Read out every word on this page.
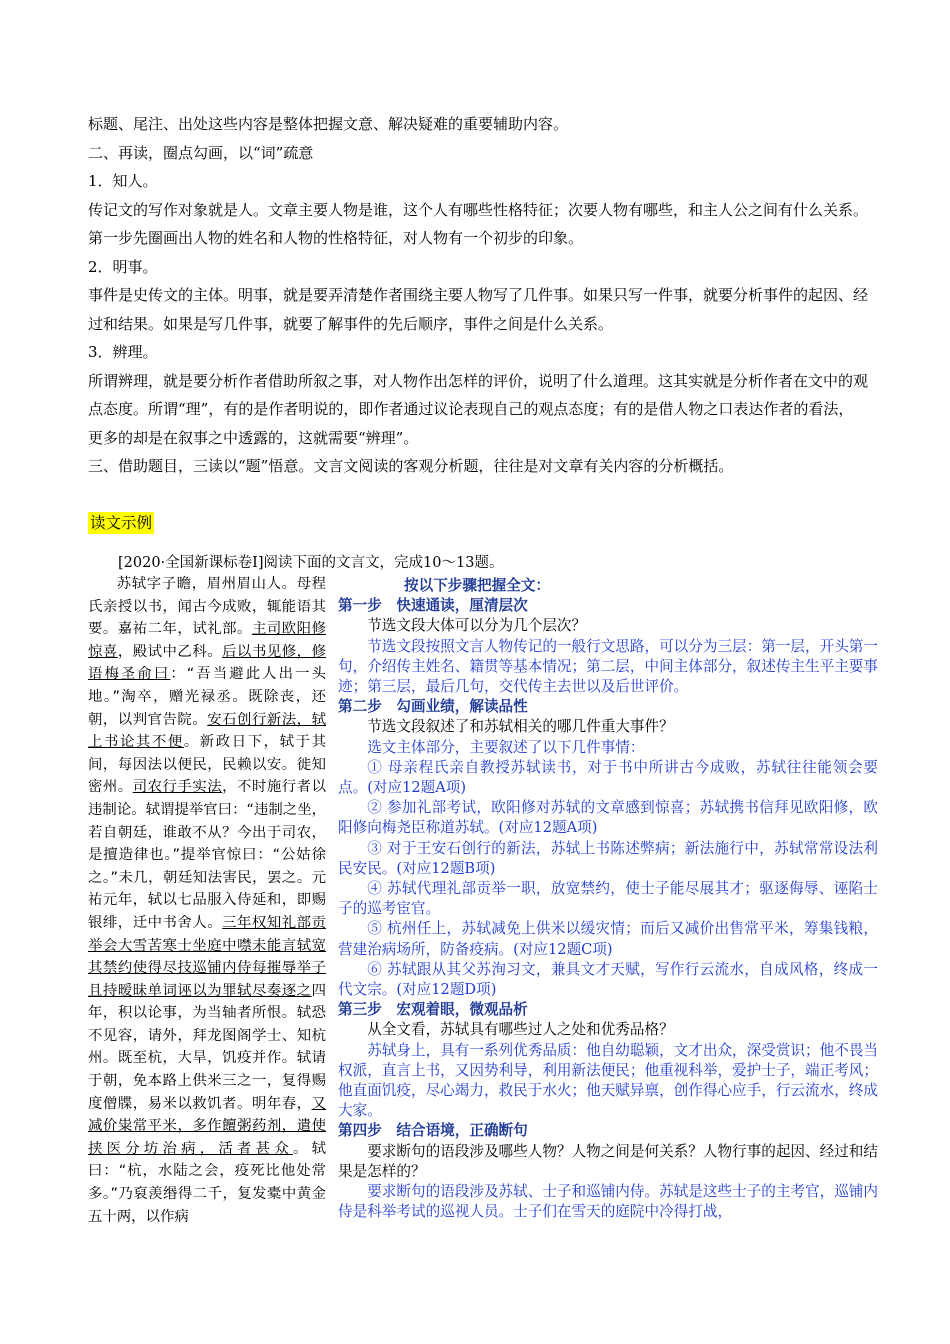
标题、尾注、出处这些内容是整体把握文意、解决疑难的重要辅助内容。

二、再读，圈点勾画，以“词”疏意

1．知人。

传记文的写作对象就是人。文章主要人物是谁，这个人有哪些性格特征；次要人物有哪些，和主人公之间有什么关系。第一步先圈画出人物的姓名和人物的性格特征，对人物有一个初步的印象。

2．明事。

事件是史传文的主体。明事，就是要弄清楚作者围绕主要人物写了几件事。如果只写一件事，就要分析事件的起因、经过和结果。如果是写几件事，就要了解事件的先后顺序，事件之间是什么关系。

3．辨理。

所谓辨理，就是要分析作者借助所叙之事，对人物作出怎样的评价，说明了什么道理。这其实就是分析作者在文中的观点态度。所谓“理”，有的是作者明说的，即作者通过议论表现自己的观点态度；有的是借人物之口表达作者的看法，更多的却是在叙事之中透露的，这就需要“辨理”。

三、借助题目，三读以“题”悟意。文言文阅读的客观分析题，往往是对文章有关内容的分析概括。

读文示例
[2020·全国新课标卷Ⅰ]阅读下面的文言文，完成10～13题。

苏轼字子瞻，眉州眉山人。母程氏亲授以书，闻古今成败，辄能语其要。嘉祐二年，试礼部。主司欧阳修惊喜，殿试中乙科。后以书见修，修语梅圣俞曰：“吾当避此人出一头地。”淘卒，赠光禄丞。既除丧，还朝，以判官告院。安石创行新法，轼上书论其不便。新政日下，轼于其间，每因法以便民，民赖以安。徙知密州。司农行手实法，不时施行者以违制论。轼谓提举官曰：“违制之坐，若自朝廷，谁敢不从？今出于司农，是擅造律也。”提举官惊曰：“公姑徐之。”未几，朝廷知法害民，罢之。元祐元年，轼以七品服入侍延和，即赐银绯，迁中书舍人。三年权知礼部贡举会大雪苦寒士坐庭中噤未能言轼宽其禁约使得尽技巡铺内侍每摧辱举子且持暧昧单词诬以为罪轼尽奏逐之四年，积以论事，为当轴者所恨。轼恐不见容，请外，拜龙图阁学士、知杭州。既至杭，大旱，饥疫并作。轼请于朝，免本路上供米三之一，复得赐度僧牒，易米以救饥者。明年春，又减价粜常平米，多作饘粥药剂，遣使挟医分坊治病，活者甚众。轼曰：“杭，水陆之会，疫死比他处常多。”乃裒羡缗得二千，复发橐中黄金五十两，以作病

按以下步骤把握全文：

第一步　快速通读，厘清层次

节选文段大体可以分为几个层次？

节选文段按照文言人物传记的一般行文思路，可以分为三层：第一层，开头第一句，介绍传主姓名、籍贯等基本情况；第二层，中间主体部分，叙述传主生平主要事迹；第三层，最后几句，交代传主去世以及后世评价。

第二步　勾画业绩，解读品性

节选文段叙述了和苏轼相关的哪几件重大事件？

选文主体部分，主要叙述了以下几件事情：

① 母亲程氏亲自教授苏轼读书，对于书中所讲古今成败，苏轼往往能领会要点。(对应12题A项)

② 参加礼部考试，欧阳修对苏轼的文章感到惊喜；苏轼携书信拜见欧阳修，欧阳修向梅尧臣称道苏轼。(对应12题A项)

③ 对于王安石创行的新法，苏轼上书陈述弊病；新法施行中，苏轼常常设法利民安民。(对应12题B项)

④ 苏轼代理礼部贡举一职，放宽禁约，使士子能尽展其才；驱逐侮辱、诬陷士子的巡考宦官。

⑤ 杭州任上，苏轼减免上供米以缓灾情；而后又减价出售常平米，筹集钱粮，营建治病场所，防备疫病。(对应12题C项)

⑥ 苏轼跟从其父苏洵习文，兼具文才天赋，写作行云流水，自成风格，终成一代文宗。(对应12题D项)

第三步　宏观着眼，微观品析

从全文看，苏轼具有哪些过人之处和优秀品格？

苏轼身上，具有一系列优秀品质：他自幼聪颖，文才出众，深受赏识；他不畏当权派，直言上书，又因势利导，利用新法便民；他重视科举，爱护士子，端正考风；他直面饥疫，尽心竭力，救民于水火；他天赋异禀，创作得心应手，行云流水，终成大家。

第四步　结合语境，正确断句

要求断句的语段涉及哪些人物？人物之间是何关系？人物行事的起因、经过和结果是怎样的？

要求断句的语段涉及苏轼、士子和巡铺内侍。苏轼是这些士子的主考官，巡铺内侍是科举考试的巡视人员。士子们在雪天的庭院中冷得打战，
